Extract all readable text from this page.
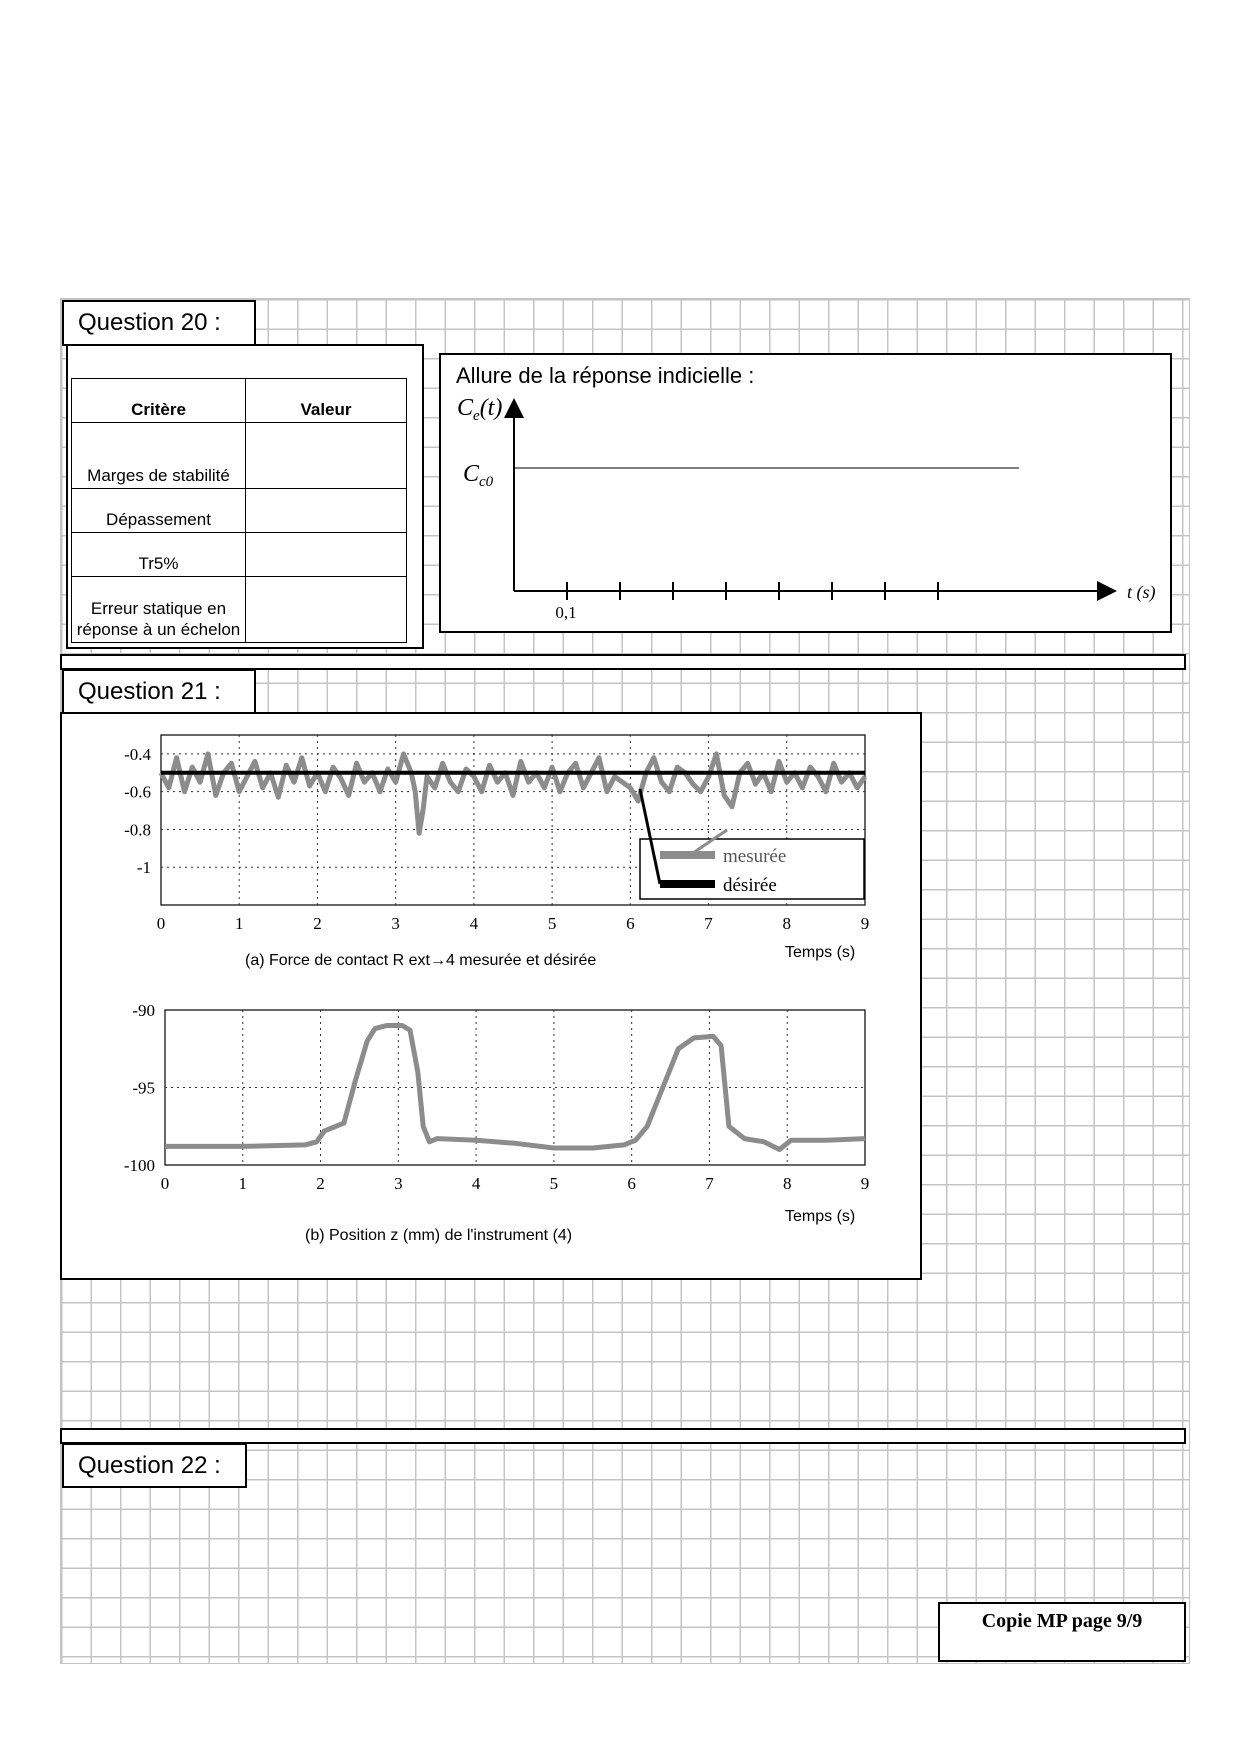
Question 20 :
Critère	Valeur
Marges de stabilité	
Dépassement	
Tr5%	
Erreur statique en réponse à un échelon	
Allure de la réponse indicielle :
$C_e(t)$
$C_{c0}$
0,1
t (s)
Question 21 :
0	1	2	3	4	5	6	7	8	9
-0.4
-0.6
-0.8
-1
mesurée
désirée
(a) Force de contact R ext→4 mesurée et désirée	Temps (s)
0	1	2	3	4	5	6	7	8	9
-90
-95
-100
(b) Position z (mm) de l'instrument (4)
Temps (s)
Question 22 :
Copie MP page 9/9
